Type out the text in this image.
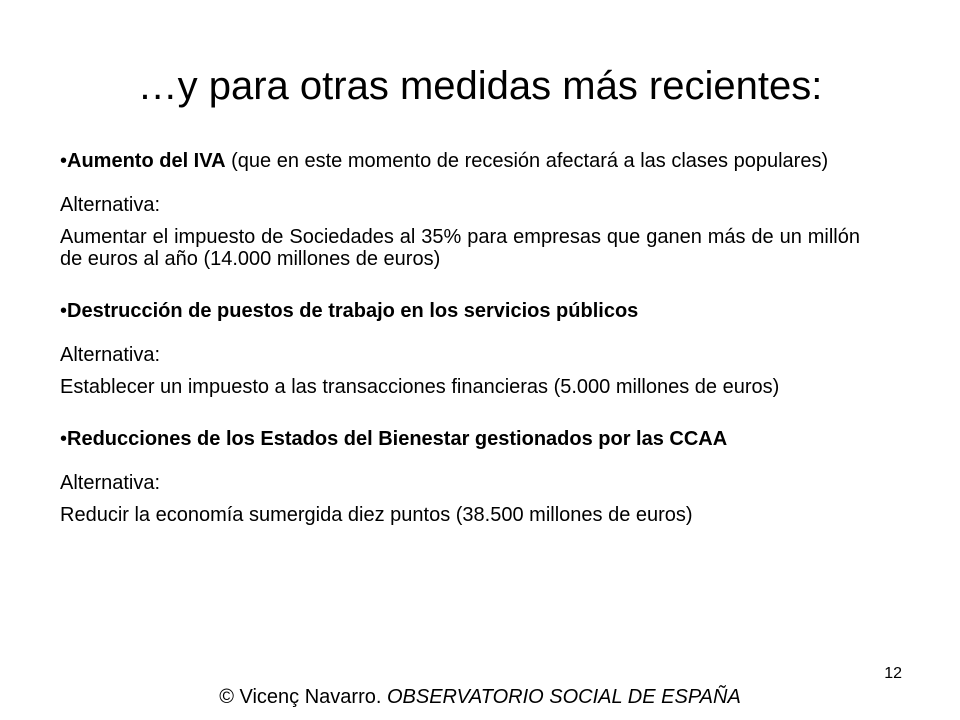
…y para otras medidas más recientes:

•Aumento del IVA (que en este momento de recesión afectará a las clases populares)

Alternativa:

Aumentar el impuesto de Sociedades al 35% para empresas que ganen más de un millón de euros al año (14.000 millones de euros)

•Destrucción de puestos de trabajo en los servicios públicos

Alternativa:

Establecer un impuesto a las transacciones financieras (5.000 millones de euros)

•Reducciones de los Estados del Bienestar gestionados por las CCAA

Alternativa:

Reducir la economía sumergida diez puntos (38.500 millones de euros)

12
© Vicenç Navarro. OBSERVATORIO SOCIAL DE ESPAÑA
